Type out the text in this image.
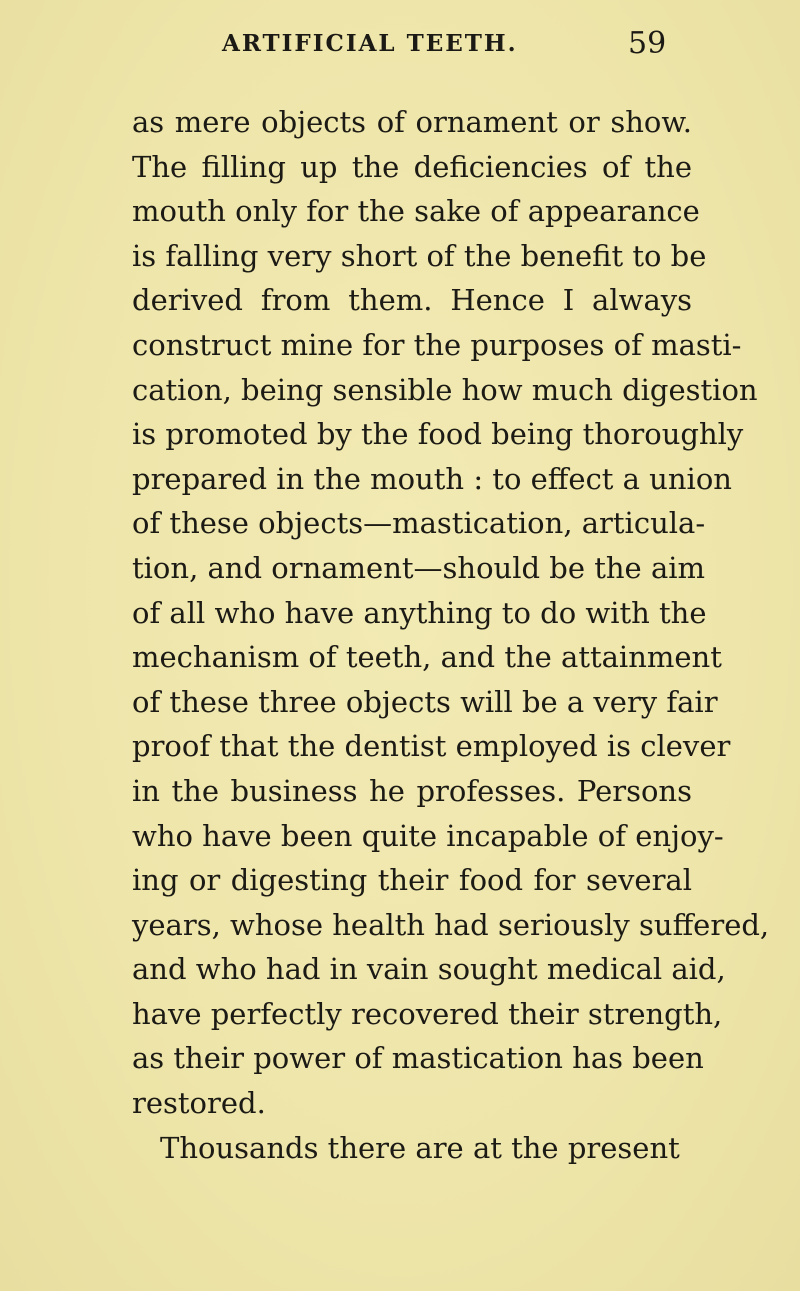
ARTIFICIAL TEETH.	59
as mere objects of ornament or show.
The filling up the deficiencies of the
mouth only for the sake of appearance
is falling very short of the benefit to be
derived from them. Hence I always
construct mine for the purposes of masti-
cation, being sensible how much digestion
is promoted by the food being thoroughly
prepared in the mouth : to effect a union
of these objects—mastication, articula-
tion, and ornament—should be the aim
of all who have anything to do with the
mechanism of teeth, and the attainment
of these three objects will be a very fair
proof that the dentist employed is clever
in the business he professes. Persons
who have been quite incapable of enjoy-
ing or digesting their food for several
years, whose health had seriously suffered,
and who had in vain sought medical aid,
have perfectly recovered their strength,
as their power of mastication has been
restored.
Thousands there are at the present
